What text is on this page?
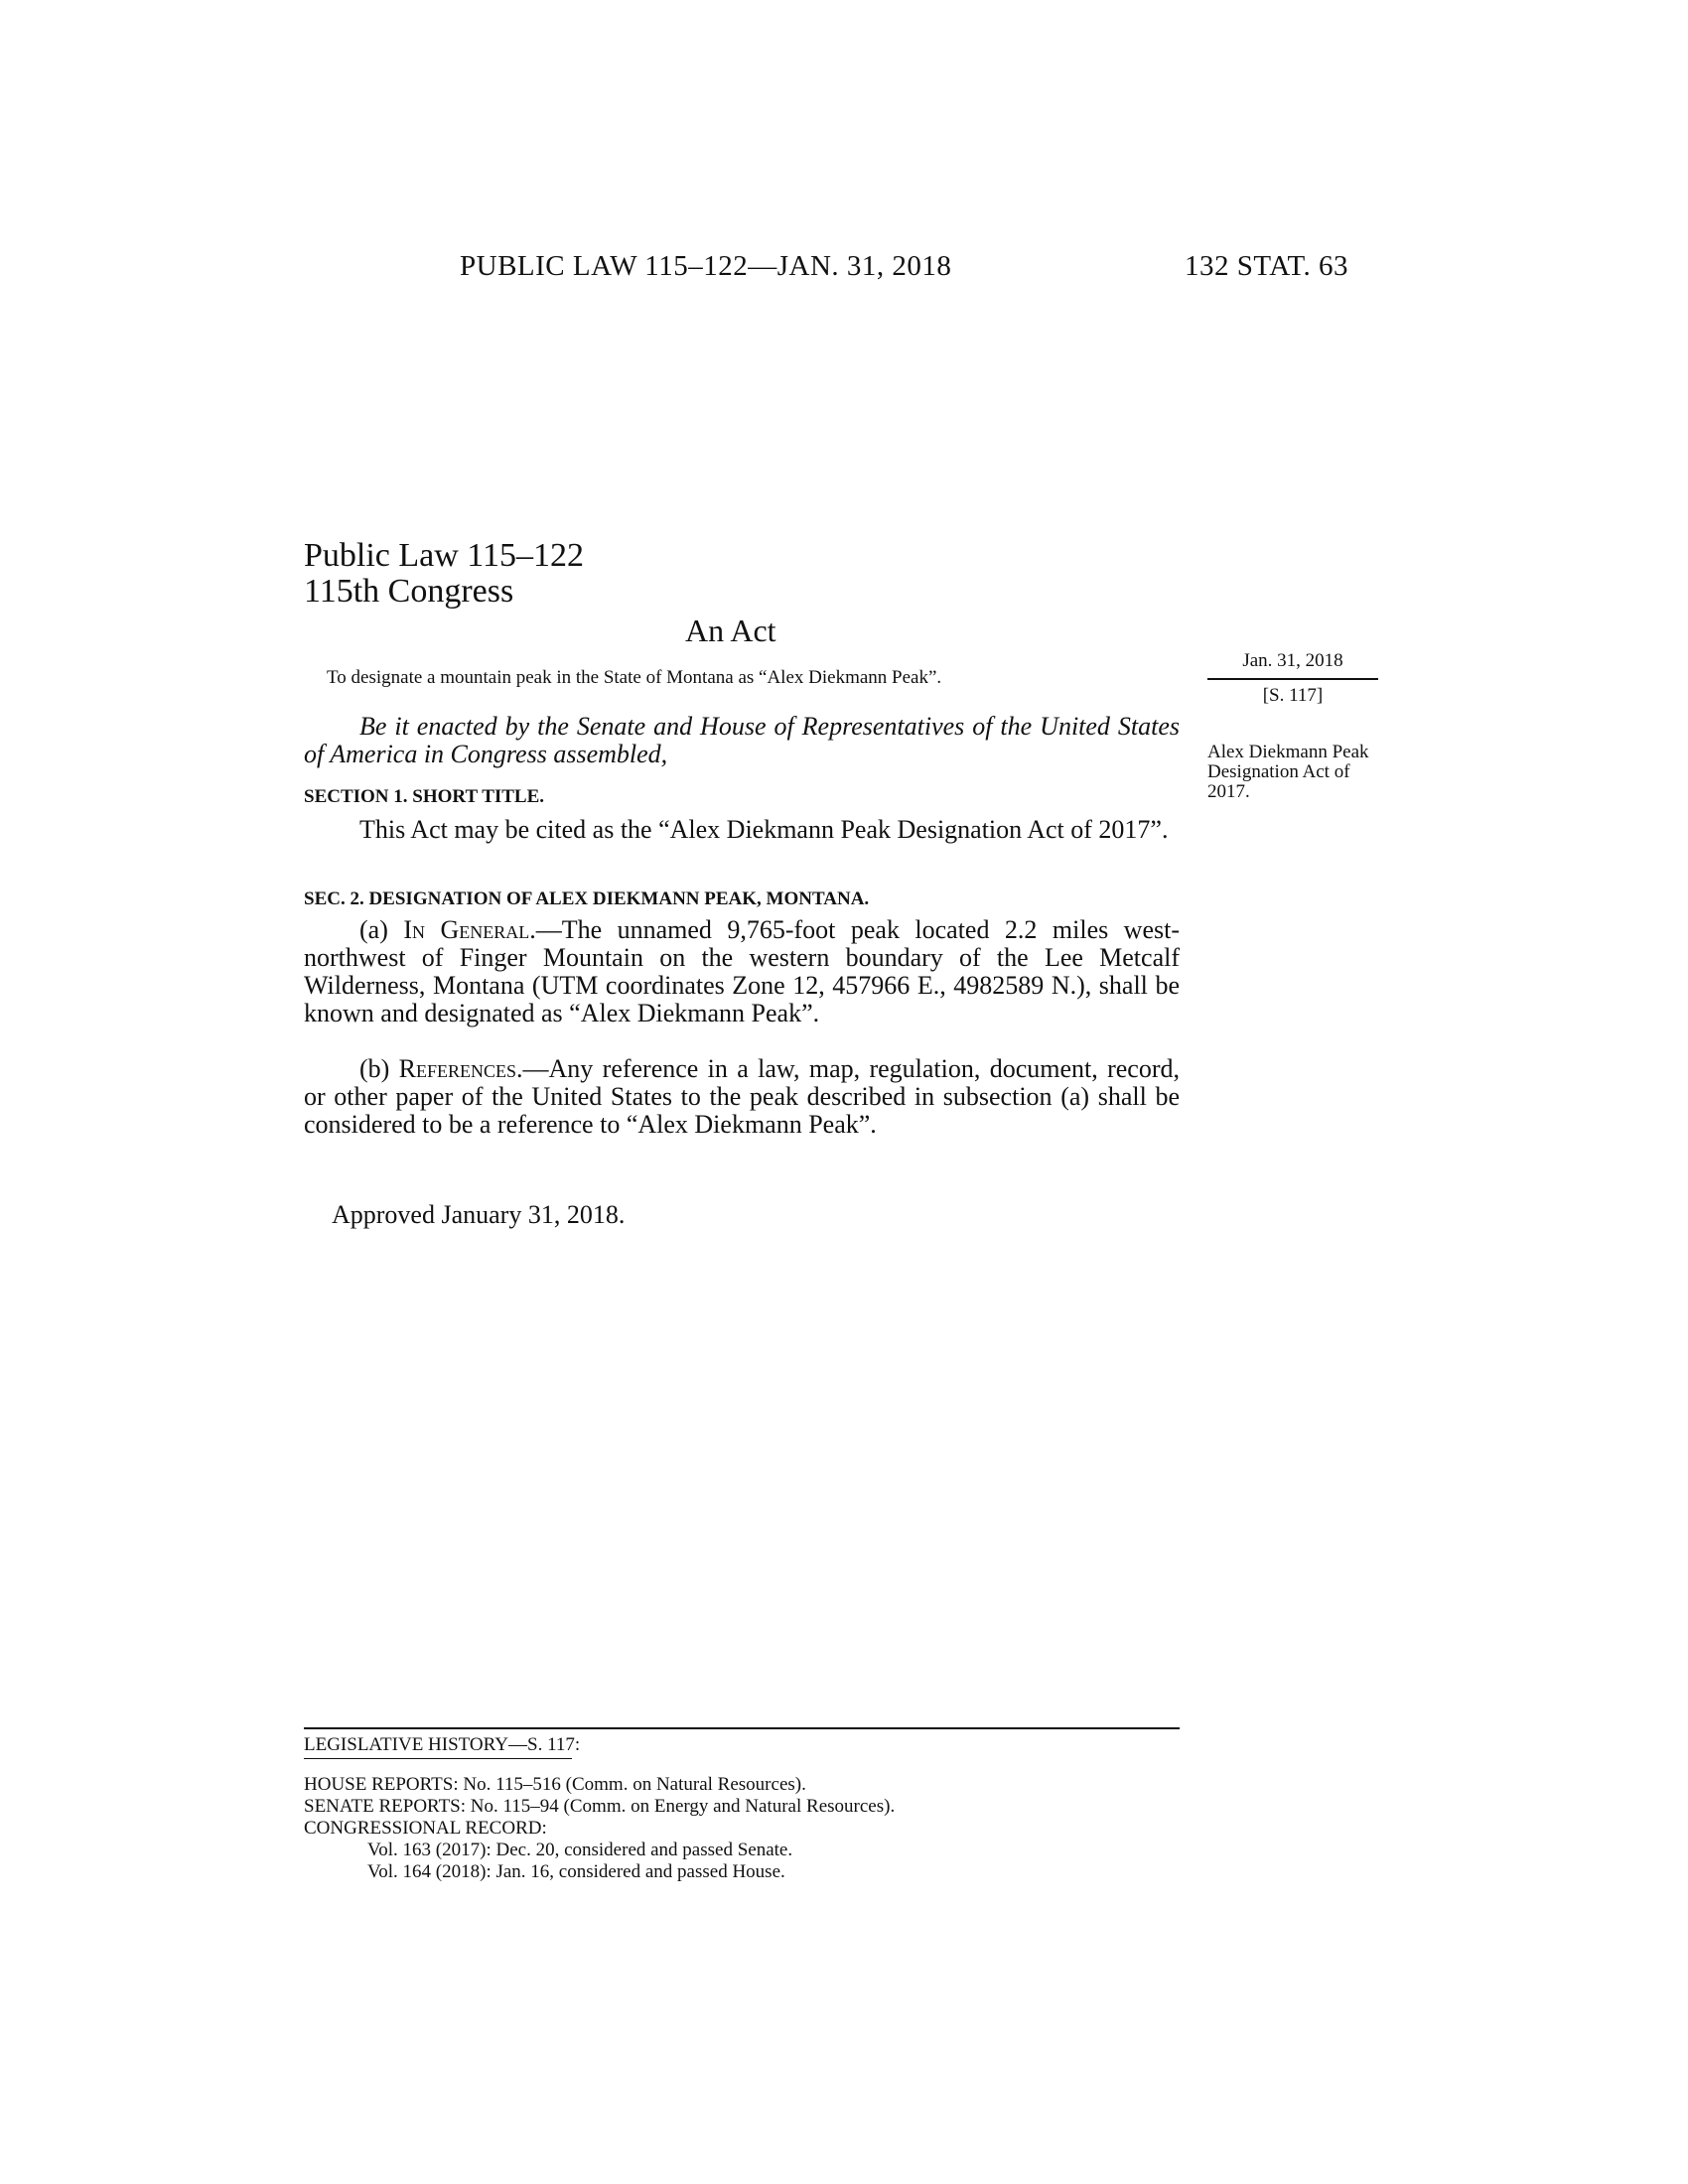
PUBLIC LAW 115–122—JAN. 31, 2018	132 STAT. 63
Public Law 115–122
115th Congress
An Act
To designate a mountain peak in the State of Montana as “Alex Diekmann Peak”.
Jan. 31, 2018
[S. 117]
Alex Diekmann Peak Designation Act of 2017.
Be it enacted by the Senate and House of Representatives of the United States of America in Congress assembled,
SECTION 1. SHORT TITLE.
This Act may be cited as the “Alex Diekmann Peak Designation Act of 2017”.
SEC. 2. DESIGNATION OF ALEX DIEKMANN PEAK, MONTANA.

(a) In General.—The unnamed 9,765-foot peak located 2.2 miles west-northwest of Finger Mountain on the western boundary of the Lee Metcalf Wilderness, Montana (UTM coordinates Zone 12, 457966 E., 4982589 N.), shall be known and designated as “Alex Diekmann Peak”.

(b) References.—Any reference in a law, map, regulation, document, record, or other paper of the United States to the peak described in subsection (a) shall be considered to be a reference to “Alex Diekmann Peak”.

Approved January 31, 2018.
LEGISLATIVE HISTORY—S. 117:
HOUSE REPORTS: No. 115–516 (Comm. on Natural Resources).
SENATE REPORTS: No. 115–94 (Comm. on Energy and Natural Resources).
CONGRESSIONAL RECORD:
Vol. 163 (2017): Dec. 20, considered and passed Senate.
Vol. 164 (2018): Jan. 16, considered and passed House.
